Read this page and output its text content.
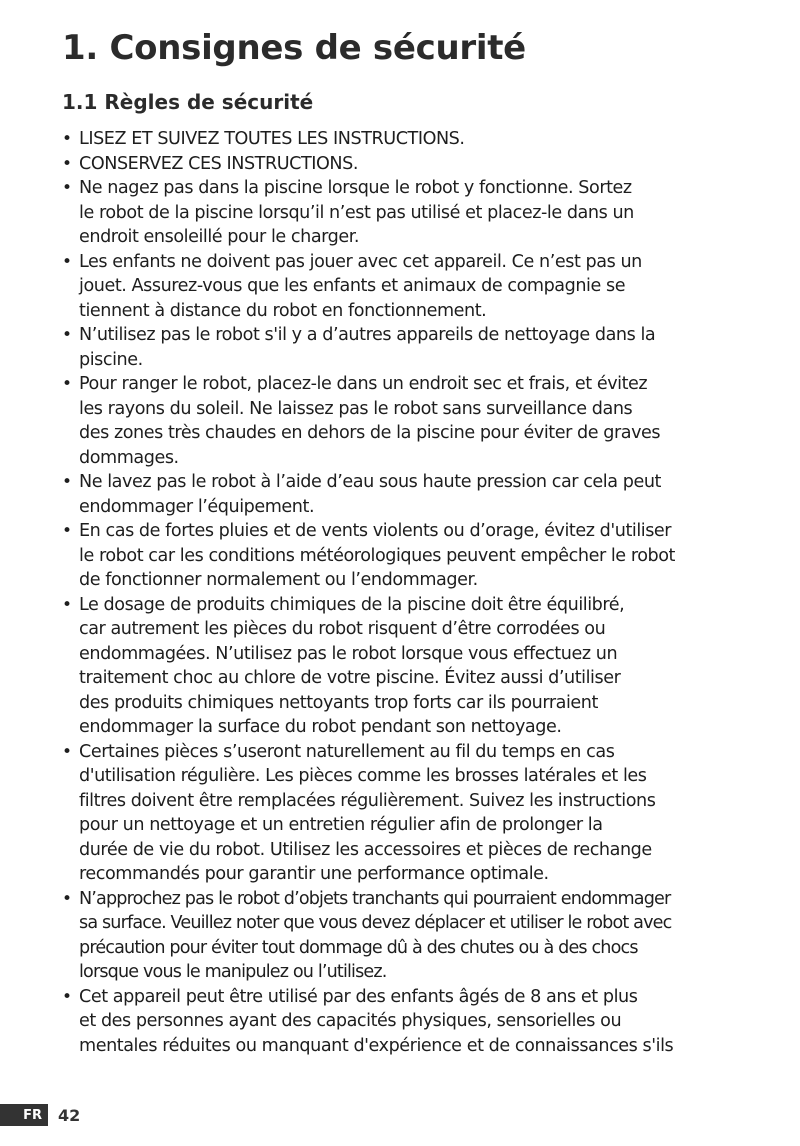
1. Consignes de sécurité
1.1 Règles de sécurité
• LISEZ ET SUIVEZ TOUTES LES INSTRUCTIONS.
• CONSERVEZ CES INSTRUCTIONS.
• Ne nagez pas dans la piscine lorsque le robot y fonctionne. Sortez
le robot de la piscine lorsqu’il n’est pas utilisé et placez-le dans un
endroit ensoleillé pour le charger.
• Les enfants ne doivent pas jouer avec cet appareil. Ce n’est pas un
jouet. Assurez-vous que les enfants et animaux de compagnie se
tiennent à distance du robot en fonctionnement.
• N’utilisez pas le robot s'il y a d’autres appareils de nettoyage dans la
piscine.
• Pour ranger le robot, placez-le dans un endroit sec et frais, et évitez
les rayons du soleil. Ne laissez pas le robot sans surveillance dans
des zones très chaudes en dehors de la piscine pour éviter de graves
dommages.
• Ne lavez pas le robot à l’aide d’eau sous haute pression car cela peut
endommager l’équipement.
• En cas de fortes pluies et de vents violents ou d’orage, évitez d'utiliser
le robot car les conditions météorologiques peuvent empêcher le robot
de fonctionner normalement ou l’endommager.
• Le dosage de produits chimiques de la piscine doit être équilibré,
car autrement les pièces du robot risquent d’être corrodées ou
endommagées. N’utilisez pas le robot lorsque vous effectuez un
traitement choc au chlore de votre piscine. Évitez aussi d’utiliser
des produits chimiques nettoyants trop forts car ils pourraient
endommager la surface du robot pendant son nettoyage.
• Certaines pièces s’useront naturellement au fil du temps en cas
d'utilisation régulière. Les pièces comme les brosses latérales et les
filtres doivent être remplacées régulièrement. Suivez les instructions
pour un nettoyage et un entretien régulier afin de prolonger la
durée de vie du robot. Utilisez les accessoires et pièces de rechange
recommandés pour garantir une performance optimale.
• N’approchez pas le robot d’objets tranchants qui pourraient endommager
sa surface. Veuillez noter que vous devez déplacer et utiliser le robot avec
précaution pour éviter tout dommage dû à des chutes ou à des chocs
lorsque vous le manipulez ou l’utilisez.
• Cet appareil peut être utilisé par des enfants âgés de 8 ans et plus
et des personnes ayant des capacités physiques, sensorielles ou
mentales réduites ou manquant d'expérience et de connaissances s'ils
FR	42
